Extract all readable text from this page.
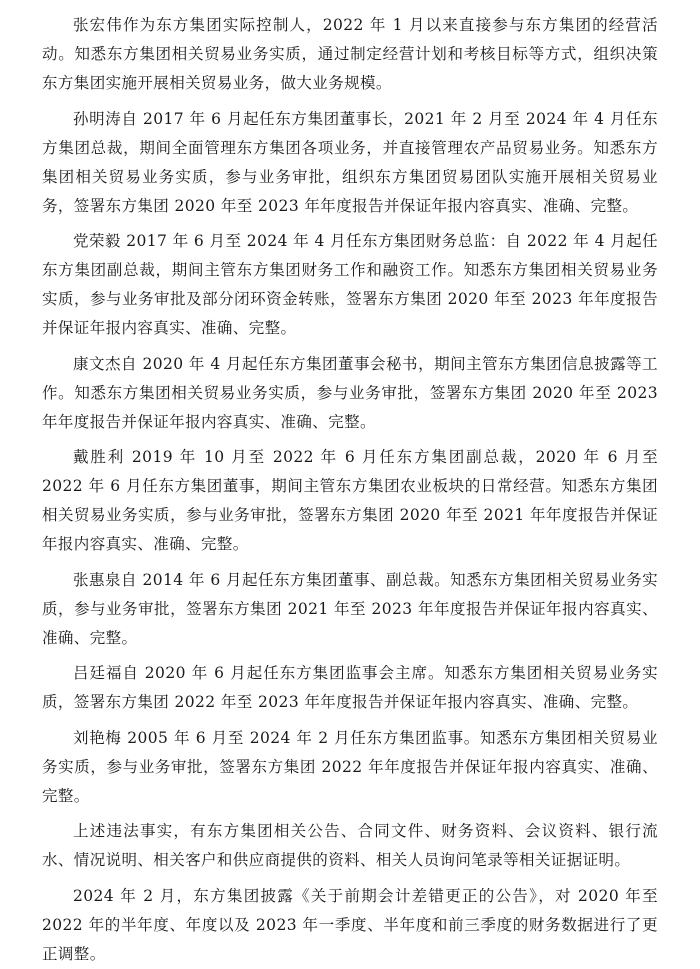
张宏伟作为东方集团实际控制人，2022 年 1 月以来直接参与东方集团的经营活动。知悉东方集团相关贸易业务实质，通过制定经营计划和考核目标等方式，组织决策东方集团实施开展相关贸易业务，做大业务规模。

孙明涛自 2017 年 6 月起任东方集团董事长，2021 年 2 月至 2024 年 4 月任东方集团总裁，期间全面管理东方集团各项业务，并直接管理农产品贸易业务。知悉东方集团相关贸易业务实质，参与业务审批，组织东方集团贸易团队实施开展相关贸易业务，签署东方集团 2020 年至 2023 年年度报告并保证年报内容真实、准确、完整。

党荣毅 2017 年 6 月至 2024 年 4 月任东方集团财务总监：自 2022 年 4 月起任东方集团副总裁，期间主管东方集团财务工作和融资工作。知悉东方集团相关贸易业务实质，参与业务审批及部分闭环资金转账，签署东方集团 2020 年至 2023 年年度报告并保证年报内容真实、准确、完整。

康文杰自 2020 年 4 月起任东方集团董事会秘书，期间主管东方集团信息披露等工作。知悉东方集团相关贸易业务实质，参与业务审批，签署东方集团 2020 年至 2023 年年度报告并保证年报内容真实、准确、完整。

戴胜利 2019 年 10 月至 2022 年 6 月任东方集团副总裁，2020 年 6 月至 2022 年 6 月任东方集团董事，期间主管东方集团农业板块的日常经营。知悉东方集团相关贸易业务实质，参与业务审批，签署东方集团 2020 年至 2021 年年度报告并保证年报内容真实、准确、完整。

张惠泉自 2014 年 6 月起任东方集团董事、副总裁。知悉东方集团相关贸易业务实质，参与业务审批，签署东方集团 2021 年至 2023 年年度报告并保证年报内容真实、准确、完整。

吕廷福自 2020 年 6 月起任东方集团监事会主席。知悉东方集团相关贸易业务实质，签署东方集团 2022 年至 2023 年年度报告并保证年报内容真实、准确、完整。

刘艳梅 2005 年 6 月至 2024 年 2 月任东方集团监事。知悉东方集团相关贸易业务实质，参与业务审批，签署东方集团 2022 年年度报告并保证年报内容真实、准确、完整。

上述违法事实，有东方集团相关公告、合同文件、财务资料、会议资料、银行流水、情况说明、相关客户和供应商提供的资料、相关人员询问笔录等相关证据证明。

2024 年 2 月，东方集团披露《关于前期会计差错更正的公告》，对 2020 年至 2022 年的半年度、年度以及 2023 年一季度、半年度和前三季度的财务数据进行了更正调整。
